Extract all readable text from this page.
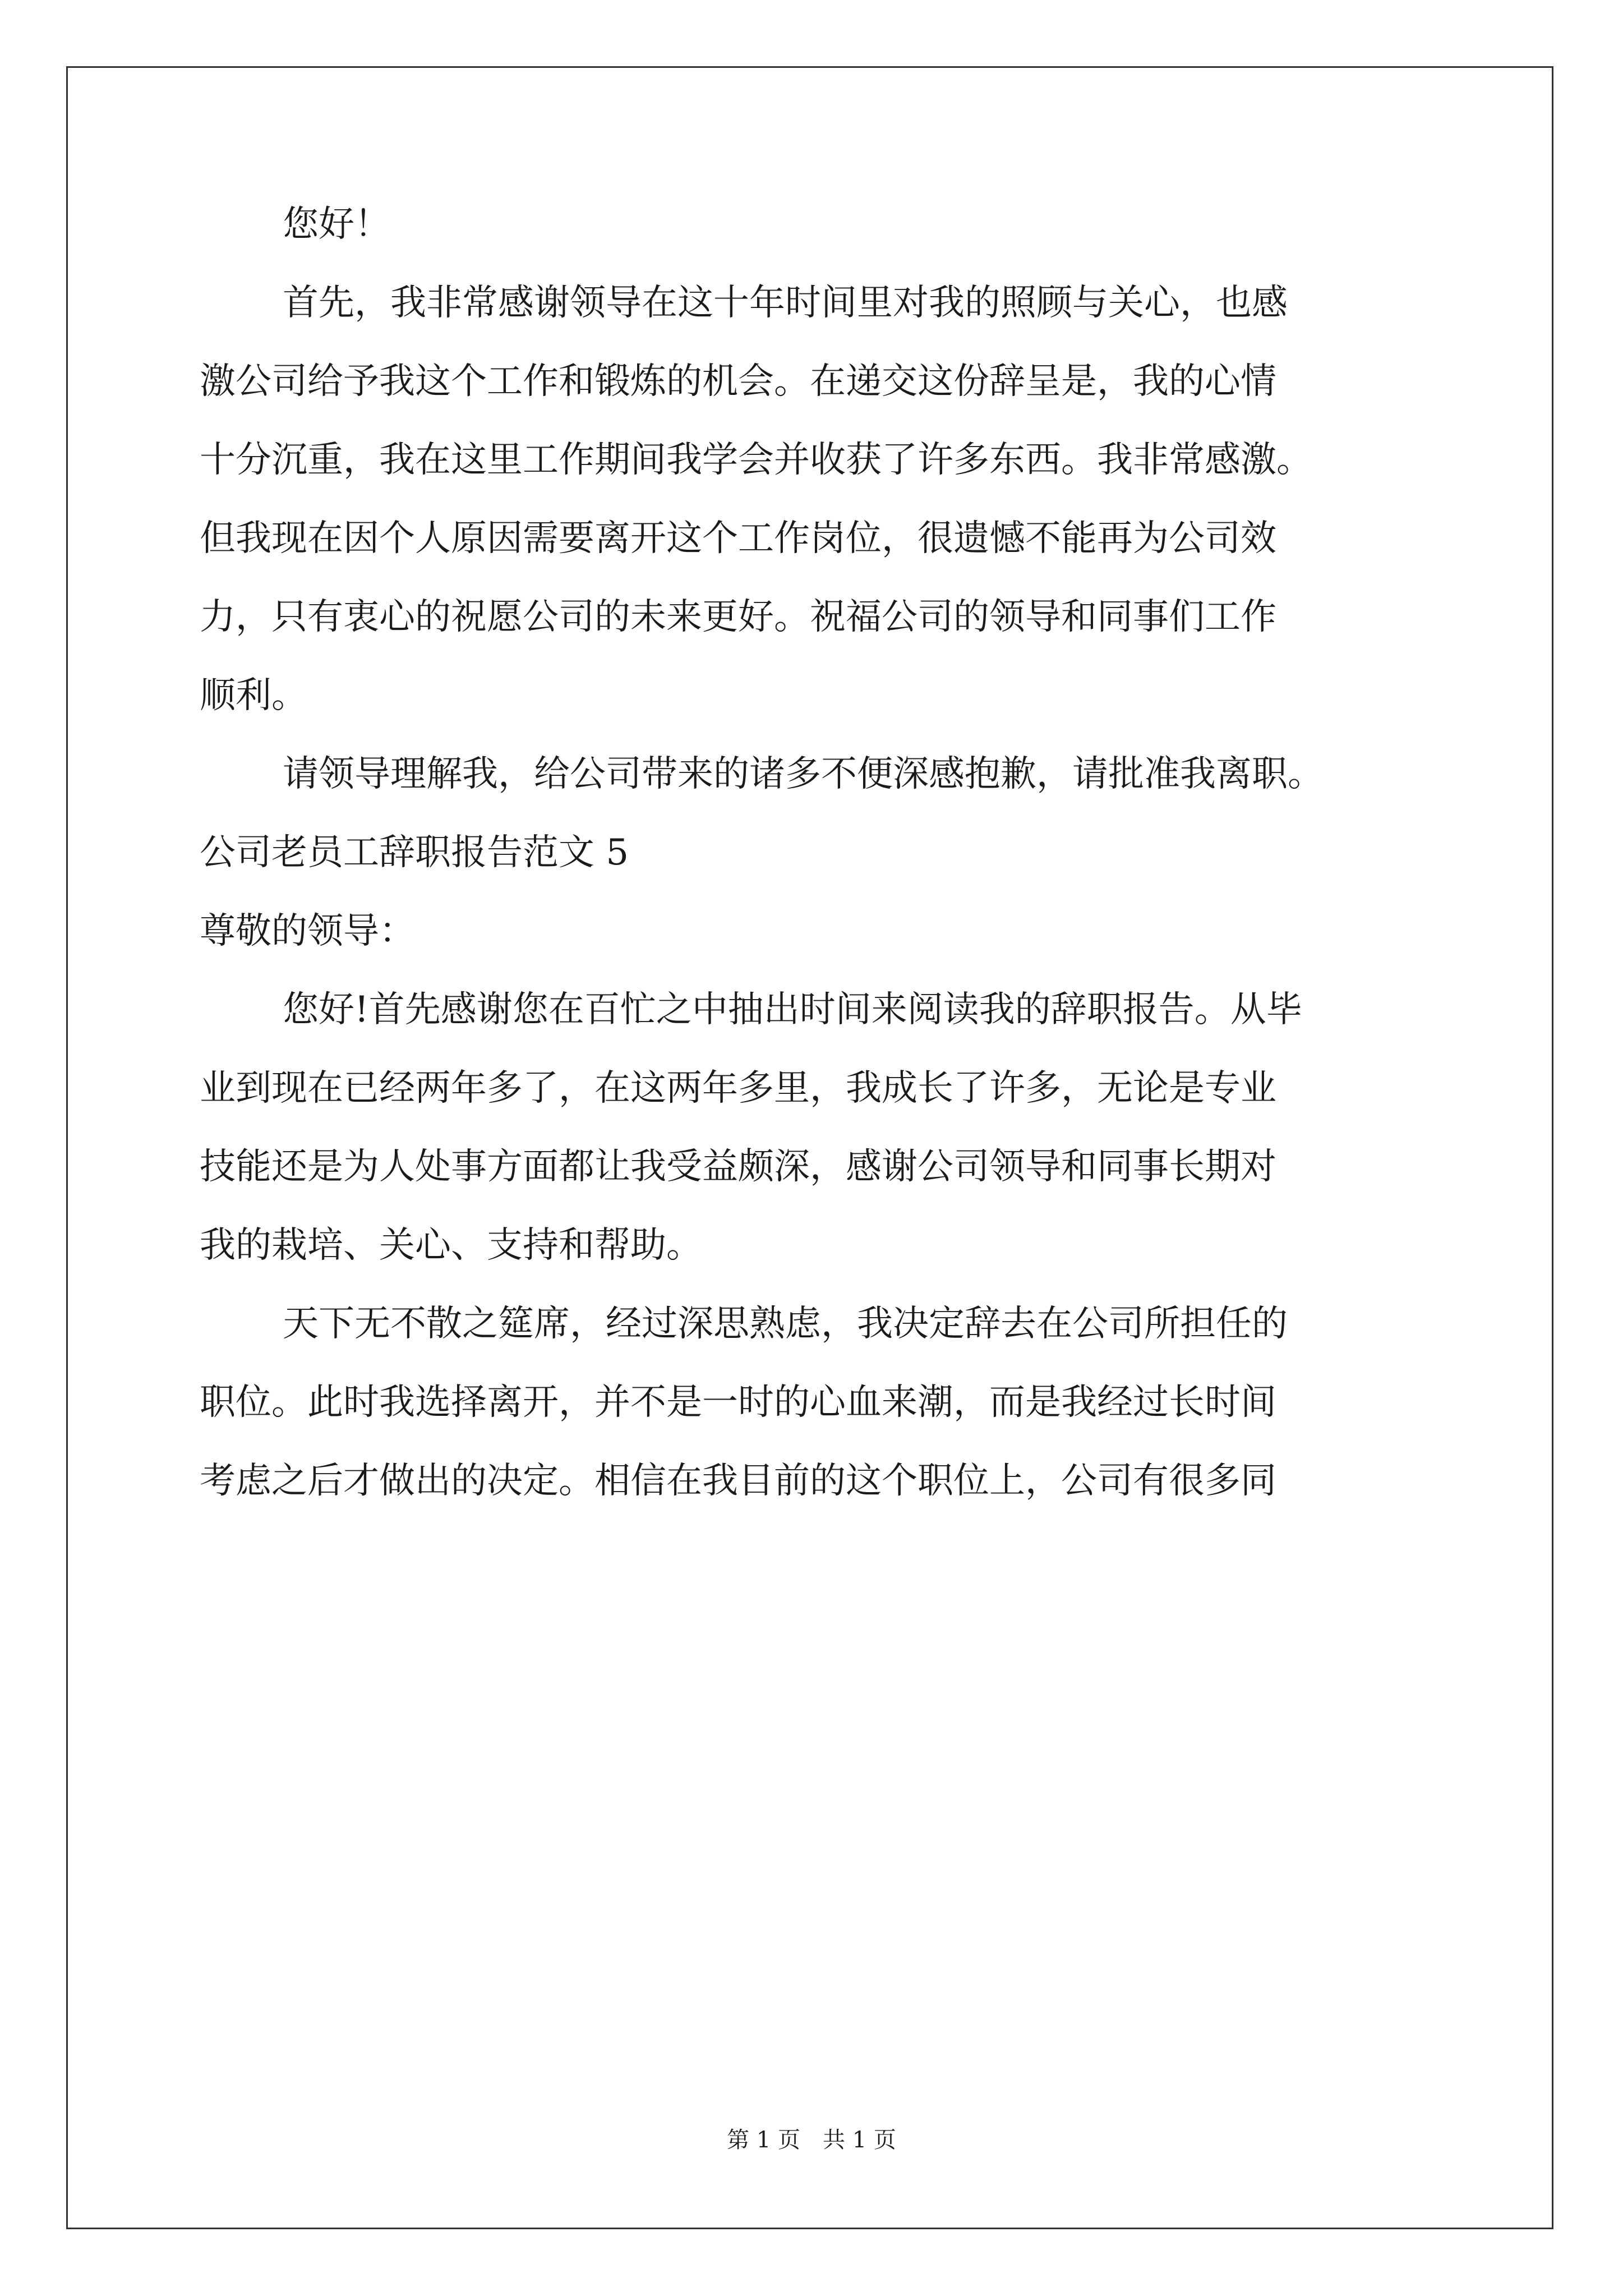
您好！
首先，我非常感谢领导在这十年时间里对我的照顾与关心，也感
激公司给予我这个工作和锻炼的机会。在递交这份辞呈是，我的心情
十分沉重，我在这里工作期间我学会并收获了许多东西。我非常感激。
但我现在因个人原因需要离开这个工作岗位，很遗憾不能再为公司效
力，只有衷心的祝愿公司的未来更好。祝福公司的领导和同事们工作
顺利。
请领导理解我，给公司带来的诸多不便深感抱歉，请批准我离职。
公司老员工辞职报告范文 5
尊敬的领导：
您好!首先感谢您在百忙之中抽出时间来阅读我的辞职报告。从毕
业到现在已经两年多了，在这两年多里，我成长了许多，无论是专业
技能还是为人处事方面都让我受益颇深，感谢公司领导和同事长期对
我的栽培、关心、支持和帮助。
天下无不散之筵席，经过深思熟虑，我决定辞去在公司所担任的
职位。此时我选择离开，并不是一时的心血来潮，而是我经过长时间
考虑之后才做出的决定。相信在我目前的这个职位上，公司有很多同
第 1 页 共 1 页
